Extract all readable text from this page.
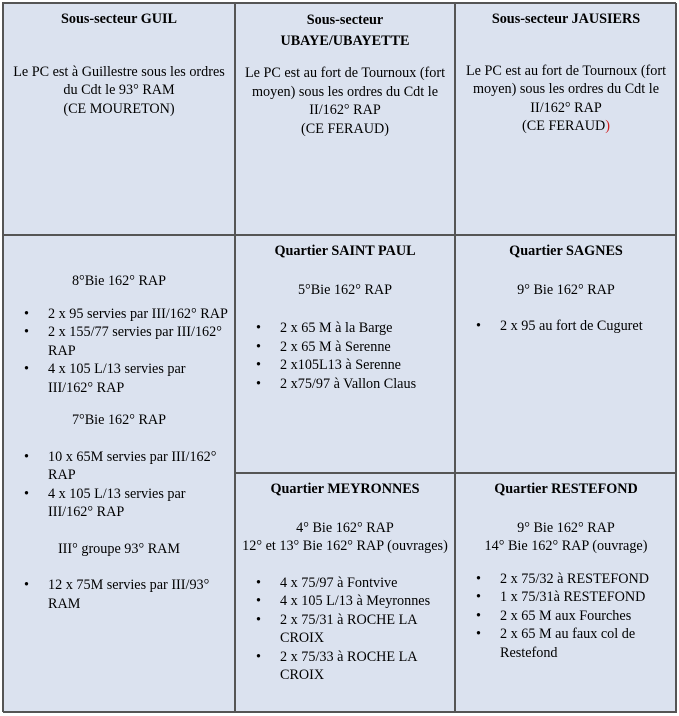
Sous-secteur GUIL
Le PC est à Guillestre sous les ordres du Cdt le 93° RAM
(CE MOURETON)
Sous-secteur
UBAYE/UBAYETTE
Le PC est au fort de Tournoux (fort moyen) sous les ordres du Cdt le II/162° RAP
(CE FERAUD)
Sous-secteur JAUSIERS
Le PC est au fort de Tournoux (fort moyen) sous les ordres du Cdt le II/162° RAP
(CE FERAUD)
8°Bie 162° RAP
• 2 x 95 servies par III/162° RAP
• 2 x 155/77 servies par III/162° RAP
• 4 x 105 L/13 servies par III/162° RAP
7°Bie 162° RAP
• 10 x 65M servies par III/162° RAP
• 4 x 105 L/13 servies par III/162° RAP
III° groupe 93° RAM
• 12 x 75M servies par III/93° RAM
Quartier SAINT PAUL
5°Bie 162° RAP
• 2 x 65 M à la Barge
• 2 x 65 M à Serenne
• 2 x105L13 à Serenne
• 2 x75/97 à Vallon Claus
Quartier SAGNES
9° Bie 162° RAP
• 2 x 95 au fort de Cuguret
Quartier MEYRONNES
4° Bie 162° RAP
12° et 13° Bie 162° RAP (ouvrages)
• 4 x 75/97 à Fontvive
• 4 x 105 L/13 à Meyronnes
• 2 x 75/31 à ROCHE LA CROIX
• 2 x 75/33 à ROCHE LA CROIX
Quartier RESTEFOND
9° Bie 162° RAP
14° Bie 162° RAP (ouvrage)
• 2 x 75/32 à RESTEFOND
• 1 x 75/31à RESTEFOND
• 2 x 65 M aux Fourches
• 2 x 65 M au faux col de Restefond
